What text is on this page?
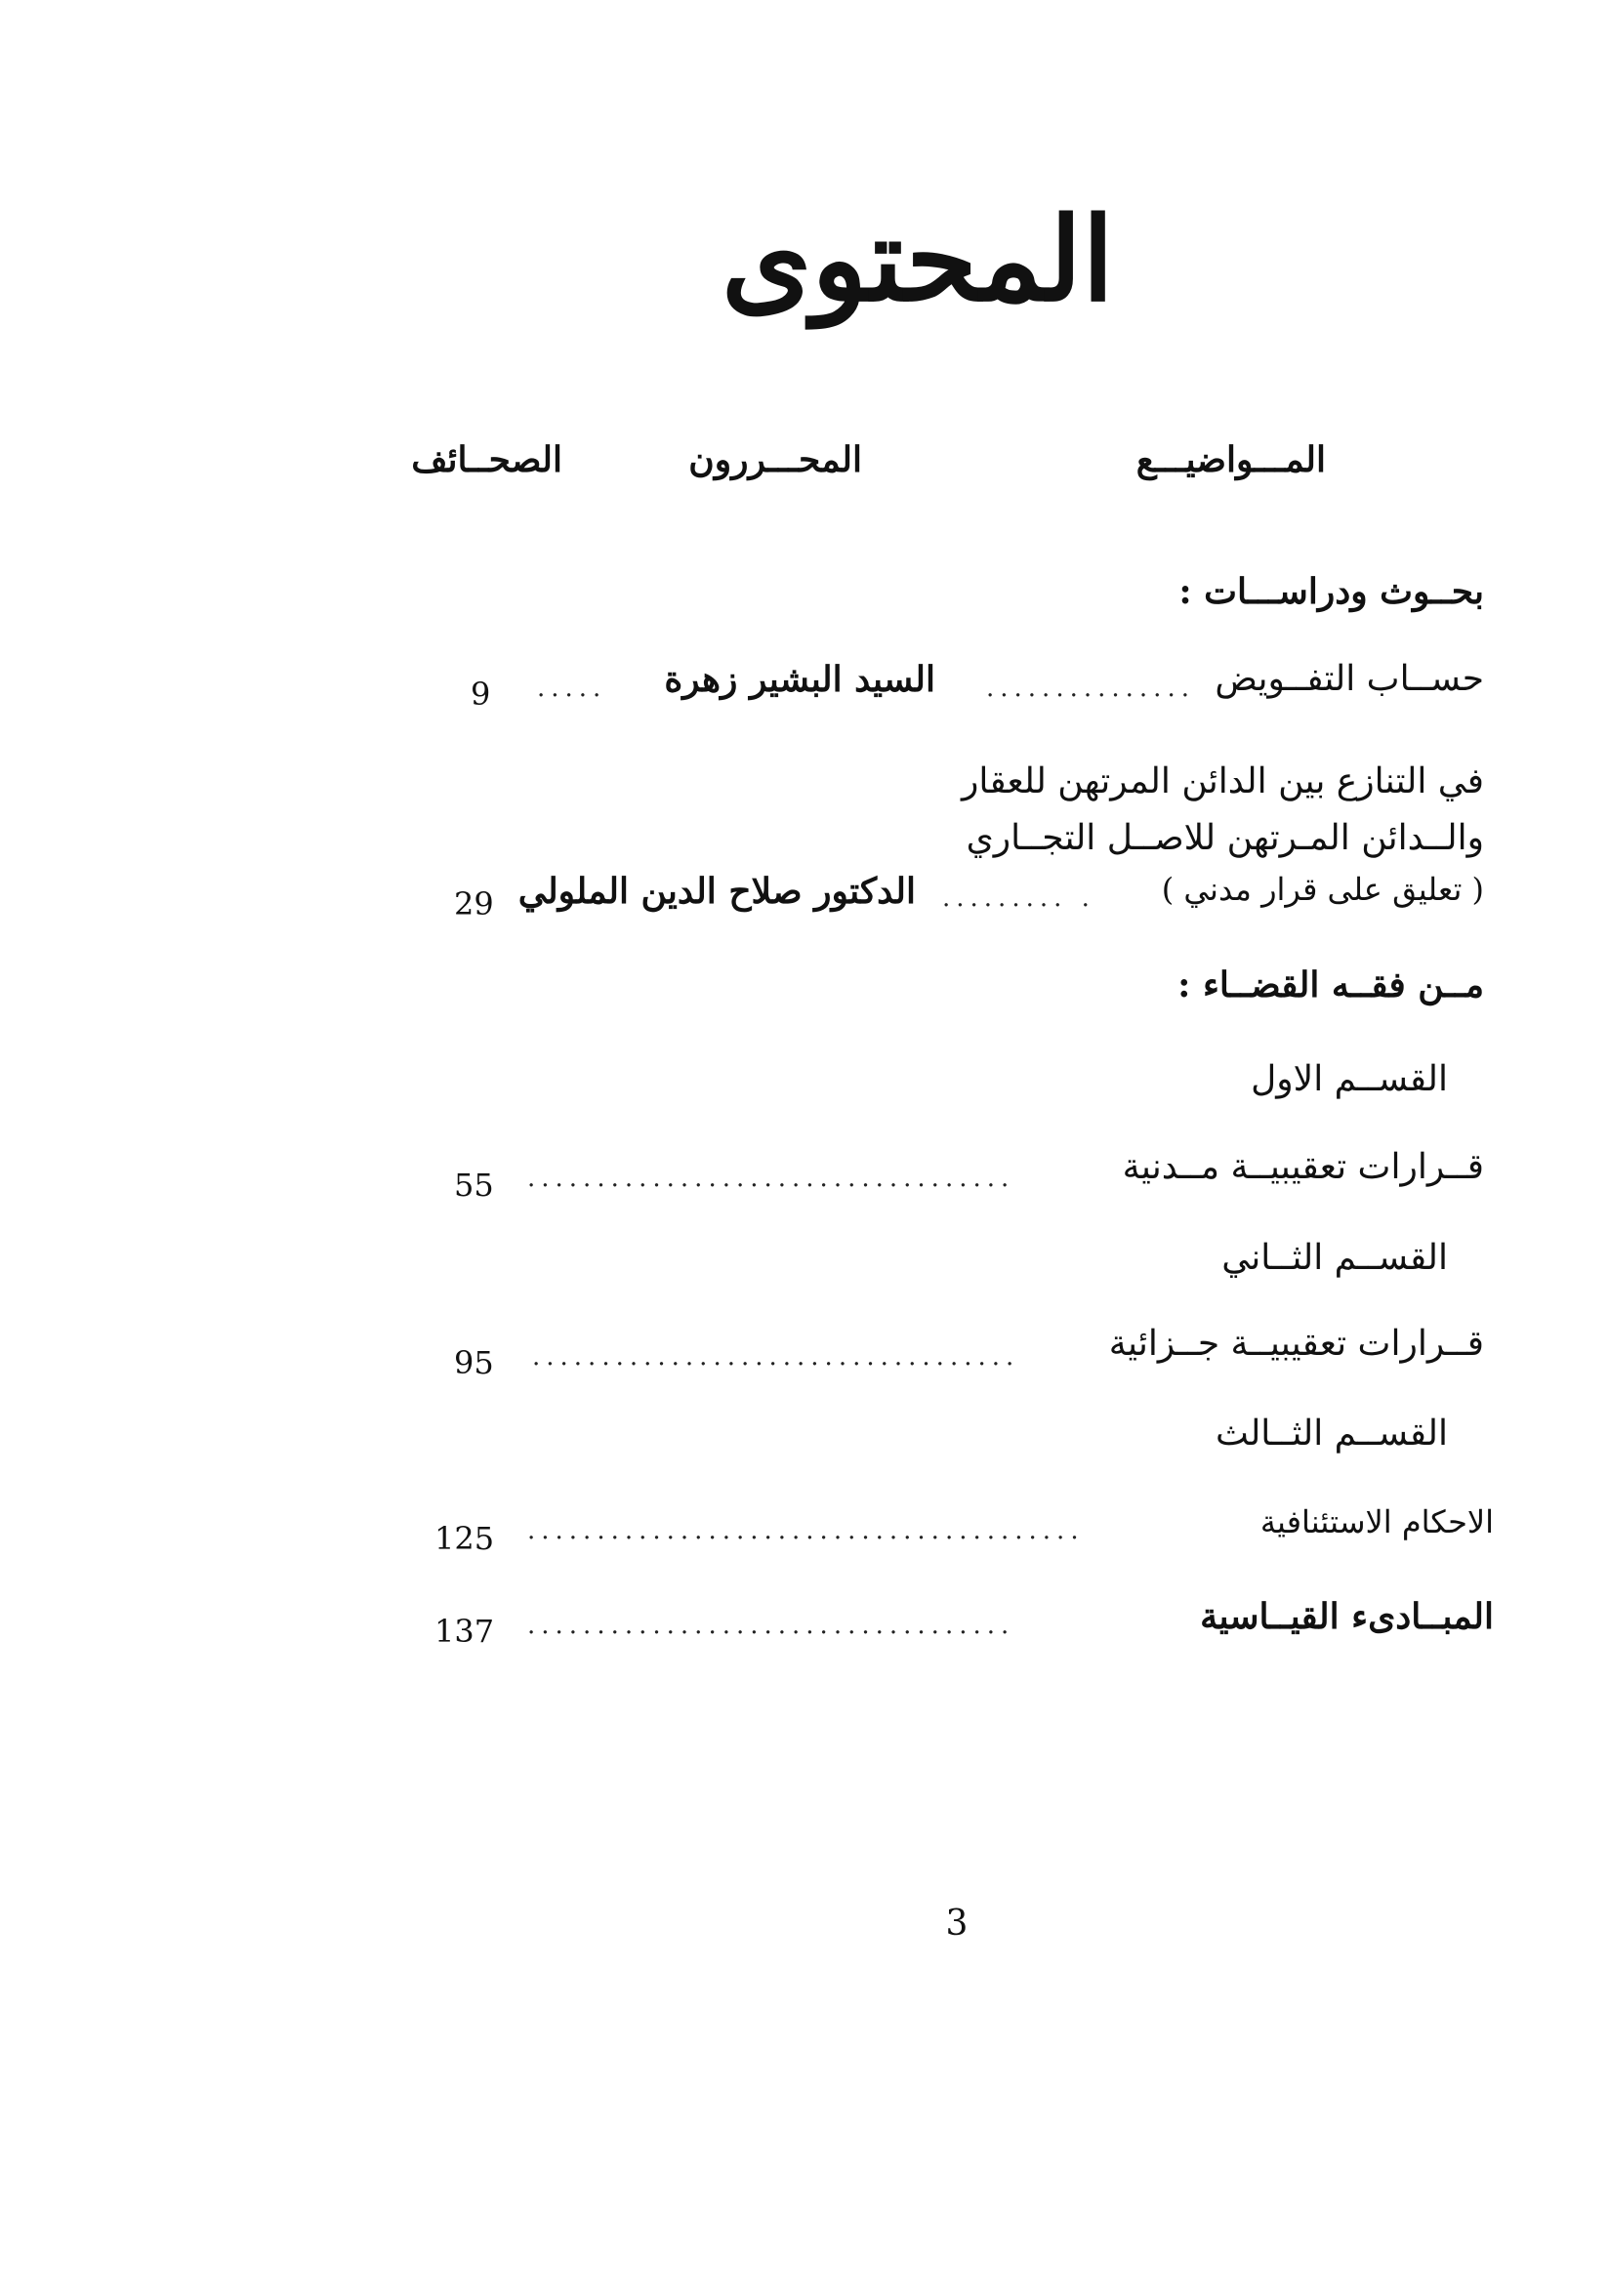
المحتوى
المـــواضيـــع
المحـــررون
الصحــائف
بحــوث ودراســـات :
حســاب التفــويض
...............
السيد البشير زهرة
.....
9
في التنازع بين الدائن المرتهن للعقار
والــدائن المـرتهن للاصــل التجــاري
( تعليق على قرار مدني )
. .........
الدكتور صلاح الدين الملولي
29
مــن فقــه القضــاء :
القســم الاول
قــرارات تعقيبيــة مــدنية
...................................
55
القســم الثــاني
قــرارات تعقيبيــة جــزائية
...................................
95
القســم الثــالث
الاحكام الاستئنافية
........................................
125
المبــادىء القيــاسية
...................................
137
3
